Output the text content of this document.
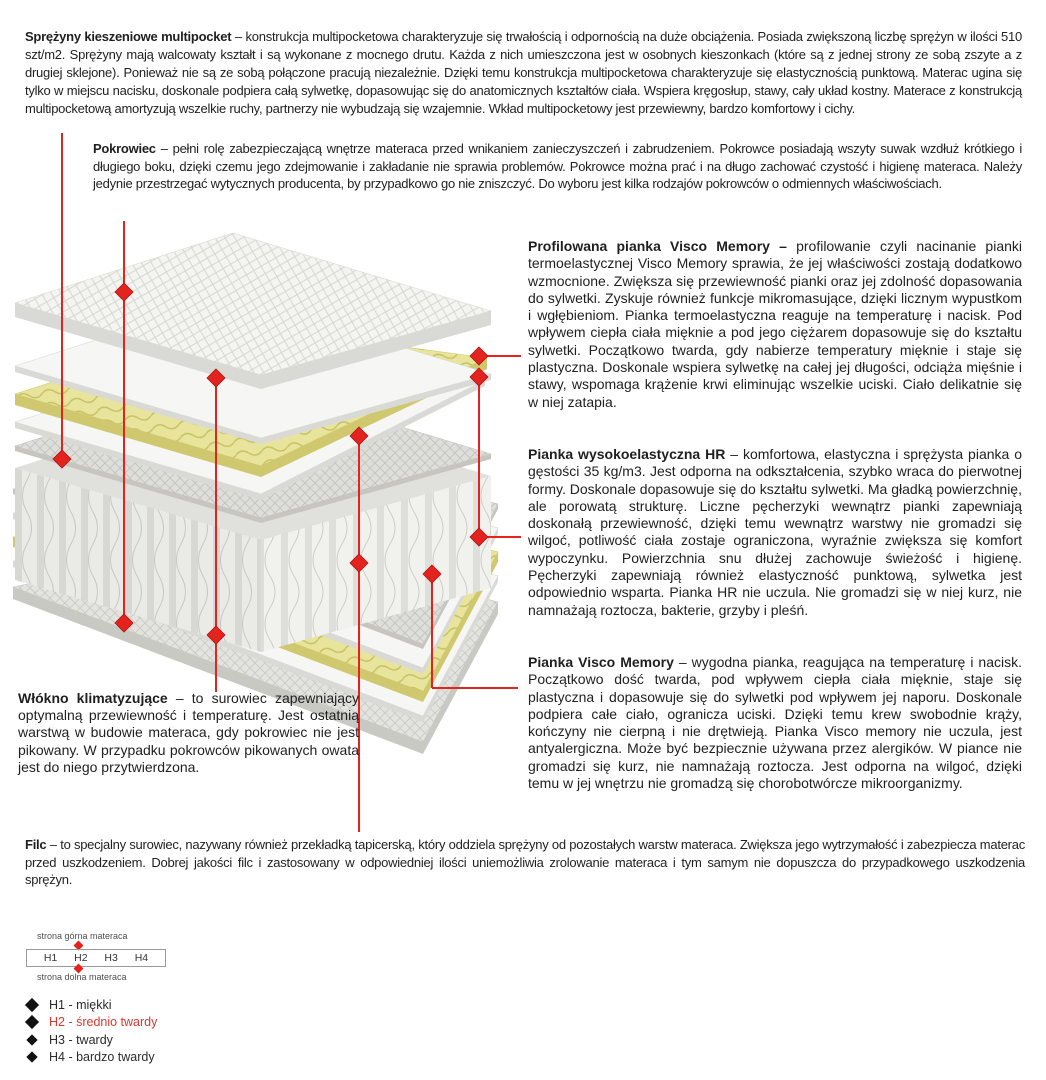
Sprężyny kieszeniowe multipocket – konstrukcja multipocketowa charakteryzuje się trwałością i odpornością na duże obciążenia. Posiada zwiększoną liczbę sprężyn w ilości 510 szt/m2. Sprężyny mają walcowaty kształt i są wykonane z mocnego drutu. Każda z nich umieszczona jest w osobnych kieszonkach (które są z jednej strony ze sobą zszyte a z drugiej sklejone). Ponieważ nie są ze sobą połączone pracują niezależnie. Dzięki temu konstrukcja multipocketowa charakteryzuje się elastycznością punktową. Materac ugina się tylko w miejscu nacisku, doskonale podpiera całą sylwetkę, dopasowując się do anatomicznych kształtów ciała. Wspiera kręgosłup, stawy, cały układ kostny. Materace z konstrukcją multipocketową amortyzują wszelkie ruchy, partnerzy nie wybudzają się wzajemnie. Wkład multipocketowy jest przewiewny, bardzo komfortowy i cichy.
Pokrowiec – pełni rolę zabezpieczającą wnętrze materaca przed wnikaniem zanieczyszczeń i zabrudzeniem. Pokrowce posiadają wszyty suwak wzdłuż krótkiego i długiego boku, dzięki czemu jego zdejmowanie i zakładanie nie sprawia problemów. Pokrowce można prać i na długo zachować czystość i higienę materaca. Należy jedynie przestrzegać wytycznych producenta, by przypadkowo go nie zniszczyć. Do wyboru jest kilka rodzajów pokrowców o odmiennych właściwościach.
Profilowana pianka Visco Memory – profilowanie czyli nacinanie pianki termoelastycznej Visco Memory sprawia, że jej właściwości zostają dodatkowo wzmocnione. Zwiększa się przewiewność pianki oraz jej zdolność dopasowania do sylwetki. Zyskuje również funkcje mikromasujące, dzięki licznym wypustkom i wgłębieniom. Pianka termoelastyczna reaguje na temperaturę i nacisk. Pod wpływem ciepła ciała mięknie a pod jego ciężarem dopasowuje się do kształtu sylwetki. Początkowo twarda, gdy nabierze temperatury mięknie i staje się plastyczna. Doskonale wspiera sylwetkę na całej jej długości, odciąża mięśnie i stawy, wspomaga krążenie krwi eliminując wszelkie uciski. Ciało delikatnie się w niej zatapia.
Pianka wysokoelastyczna HR – komfortowa, elastyczna i sprężysta pianka o gęstości 35 kg/m3. Jest odporna na odkształcenia, szybko wraca do pierwotnej formy. Doskonale dopasowuje się do kształtu sylwetki. Ma gładką powierzchnię, ale porowatą strukturę. Liczne pęcherzyki wewnątrz pianki zapewniają doskonałą przewiewność, dzięki temu wewnątrz warstwy nie gromadzi się wilgoć, potliwość ciała zostaje ograniczona, wyraźnie zwiększa się komfort wypoczynku. Powierzchnia snu dłużej zachowuje świeżość i higienę. Pęcherzyki zapewniają również elastyczność punktową, sylwetka jest odpowiednio wsparta. Pianka HR nie uczula. Nie gromadzi się w niej kurz, nie namnażają roztocza, bakterie, grzyby i pleśń.
Pianka Visco Memory – wygodna pianka, reagująca na temperaturę i nacisk. Początkowo dość twarda, pod wpływem ciepła ciała mięknie, staje się plastyczna i dopasowuje się do sylwetki pod wpływem jej naporu. Doskonale podpiera całe ciało, ogranicza uciski. Dzięki temu krew swobodnie krąży, kończyny nie cierpną i nie drętwieją. Pianka Visco memory nie uczula, jest antyalergiczna. Może być bezpiecznie używana przez alergików. W piance nie gromadzi się kurz, nie namnażają roztocza. Jest odporna na wilgoć, dzięki temu w jej wnętrzu nie gromadzą się chorobotwórcze mikroorganizmy.
Włókno klimatyzujące – to surowiec zapewniający optymalną przewiewność i temperaturę. Jest ostatnią warstwą w budowie materaca, gdy pokrowiec nie jest pikowany. W przypadku pokrowców pikowanych owata jest do niego przytwierdzona.
Filc – to specjalny surowiec, nazywany również przekładką tapicerską, który oddziela sprężyny od pozostałych warstw materaca. Zwiększa jego wytrzymałość i zabezpiecza materac przed uszkodzeniem. Dobrej jakości filc i zastosowany w odpowiedniej ilości uniemożliwia zrolowanie materaca i tym samym nie dopuszcza do przypadkowego uszkodzenia sprężyn.
strona górna materaca
H1 H2 H3 H4
strona dolna materaca
H1 - miękki
H2 - średnio twardy
H3 - twardy
H4 - bardzo twardy
